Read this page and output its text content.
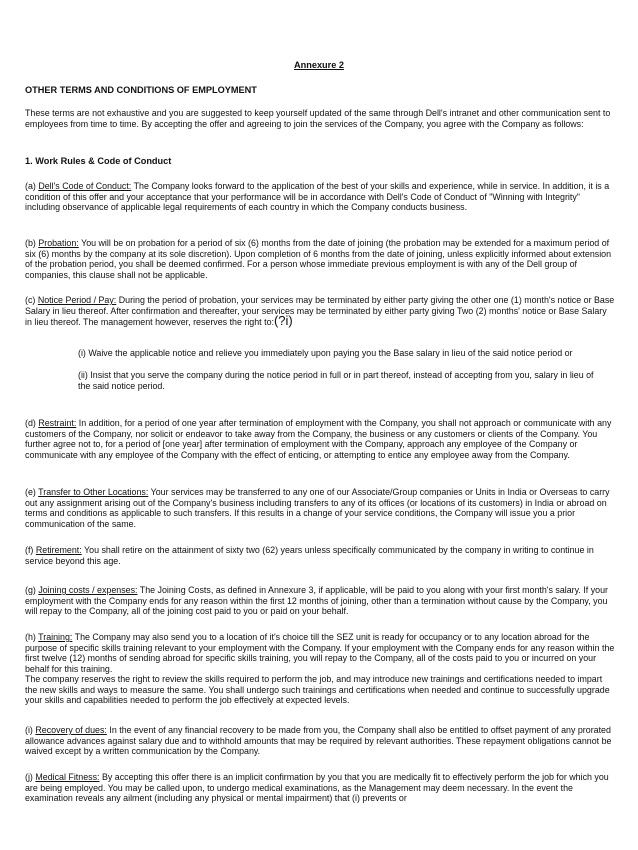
Annexure 2
OTHER TERMS AND CONDITIONS OF EMPLOYMENT

These terms are not exhaustive and you are suggested to keep yourself updated of the same through Dell's intranet and other communication sent to employees from time to time. By accepting the offer and agreeing to join the services of the Company, you agree with the Company as follows:

1. Work Rules & Code of Conduct

(a) Dell's Code of Conduct: The Company looks forward to the application of the best of your skills and experience, while in service. In addition, it is a condition of this offer and your acceptance that your performance will be in accordance with Dell's Code of Conduct of "Winning with Integrity" including observance of applicable legal requirements of each country in which the Company conducts business.

(b) Probation: You will be on probation for a period of six (6) months from the date of joining (the probation may be extended for a maximum period of six (6) months by the company at its sole discretion). Upon completion of 6 months from the date of joining, unless explicitly informed about extension of the probation period, you shall be deemed confirmed. For a person whose immediate previous employment is with any of the Dell group of companies, this clause shall not be applicable.

(c) Notice Period / Pay: During the period of probation, your services may be terminated by either party giving the other one (1) month's notice or Base Salary in lieu thereof. After confirmation and thereafter, your services may be terminated by either party giving Two (2) months' notice or Base Salary in lieu thereof. The management however, reserves the right to:(?i)

(i) Waive the applicable notice and relieve you immediately upon paying you the Base salary in lieu of the said notice period or

(ii) Insist that you serve the company during the notice period in full or in part thereof, instead of accepting from you, salary in lieu of the said notice period.

(d) Restraint: In addition, for a period of one year after termination of employment with the Company, you shall not approach or communicate with any customers of the Company, nor solicit or endeavor to take away from the Company, the business or any customers or clients of the Company. You further agree not to, for a period of [one year] after termination of employment with the Company, approach any employee of the Company or communicate with any employee of the Company with the effect of enticing, or attempting to entice any employee away from the Company.

(e) Transfer to Other Locations: Your services may be transferred to any one of our Associate/Group companies or Units in India or Overseas to carry out any assignment arising out of the Company's business including transfers to any of its offices (or locations of its customers) in India or abroad on terms and conditions as applicable to such transfers. If this results in a change of your service conditions, the Company will issue you a prior communication of the same.

(f) Retirement: You shall retire on the attainment of sixty two (62) years unless specifically communicated by the company in writing to continue in service beyond this age.

(g) Joining costs / expenses: The Joining Costs, as defined in Annexure 3, if applicable, will be paid to you along with your first month's salary. If your employment with the Company ends for any reason within the first 12 months of joining, other than a termination without cause by the Company, you will repay to the Company, all of the joining cost paid to you or paid on your behalf.

(h) Training: The Company may also send you to a location of it's choice till the SEZ unit is ready for occupancy or to any location abroad for the purpose of specific skills training relevant to your employment with the Company. If your employment with the Company ends for any reason within the first twelve (12) months of sending abroad for specific skills training, you will repay to the Company, all of the costs paid to you or incurred on your behalf for this training.
The company reserves the right to review the skills required to perform the job, and may introduce new trainings and certifications needed to impart the new skills and ways to measure the same. You shall undergo such trainings and certifications when needed and continue to successfully upgrade your skills and capabilities needed to perform the job effectively at expected levels.

(i) Recovery of dues: In the event of any financial recovery to be made from you, the Company shall also be entitled to offset payment of any prorated allowance advances against salary due and to withhold amounts that may be required by relevant authorities. These repayment obligations cannot be waived except by a written communication by the Company.

(j) Medical Fitness: By accepting this offer there is an implicit confirmation by you that you are medically fit to effectively perform the job for which you are being employed. You may be called upon, to undergo medical examinations, as the Management may deem necessary. In the event the examination reveals any ailment (including any physical or mental impairment) that (i) prevents or
